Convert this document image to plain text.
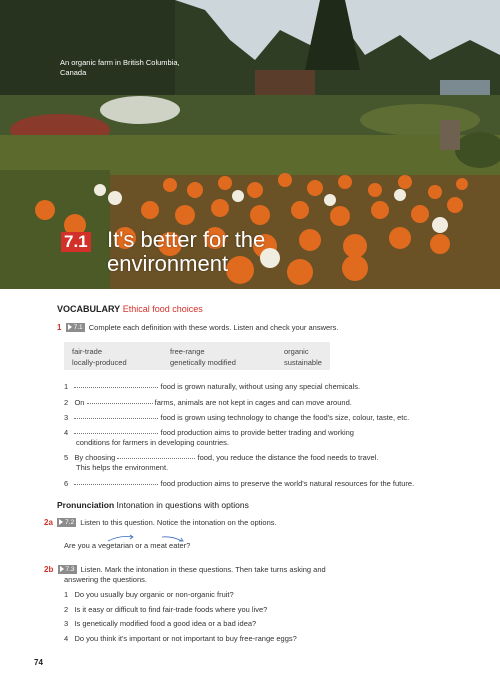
An organic farm in British Columbia, Canada
7.1 It's better for the environment
VOCABULARY Ethical food choices
1 7.1 Complete each definition with these words. Listen and check your answers.
fair-trade	free-range	organic
locally-produced	genetically modified	sustainable
1	food is grown naturally, without using any special chemicals.
2 On	farms, animals are not kept in cages and can move around.
3	food is grown using technology to change the food's size, colour, taste, etc.
4	food production aims to provide better trading and working
conditions for farmers in developing countries.
5 By choosing	food, you reduce the distance the food needs to travel.
This helps the environment.
6	food production aims to preserve the world's natural resources for the future.
Pronunciation Intonation in questions with options
2a 7.2 Listen to this question. Notice the intonation on the options.
Are you a vegetarian or a meat eater?
2b 7.3 Listen. Mark the intonation in these questions. Then take turns asking and
answering the questions.
1 Do you usually buy organic or non-organic fruit?
2 Is it easy or difficult to find fair-trade foods where you live?
3 Is genetically modified food a good idea or a bad idea?
4 Do you think it's important or not important to buy free-range eggs?
74
